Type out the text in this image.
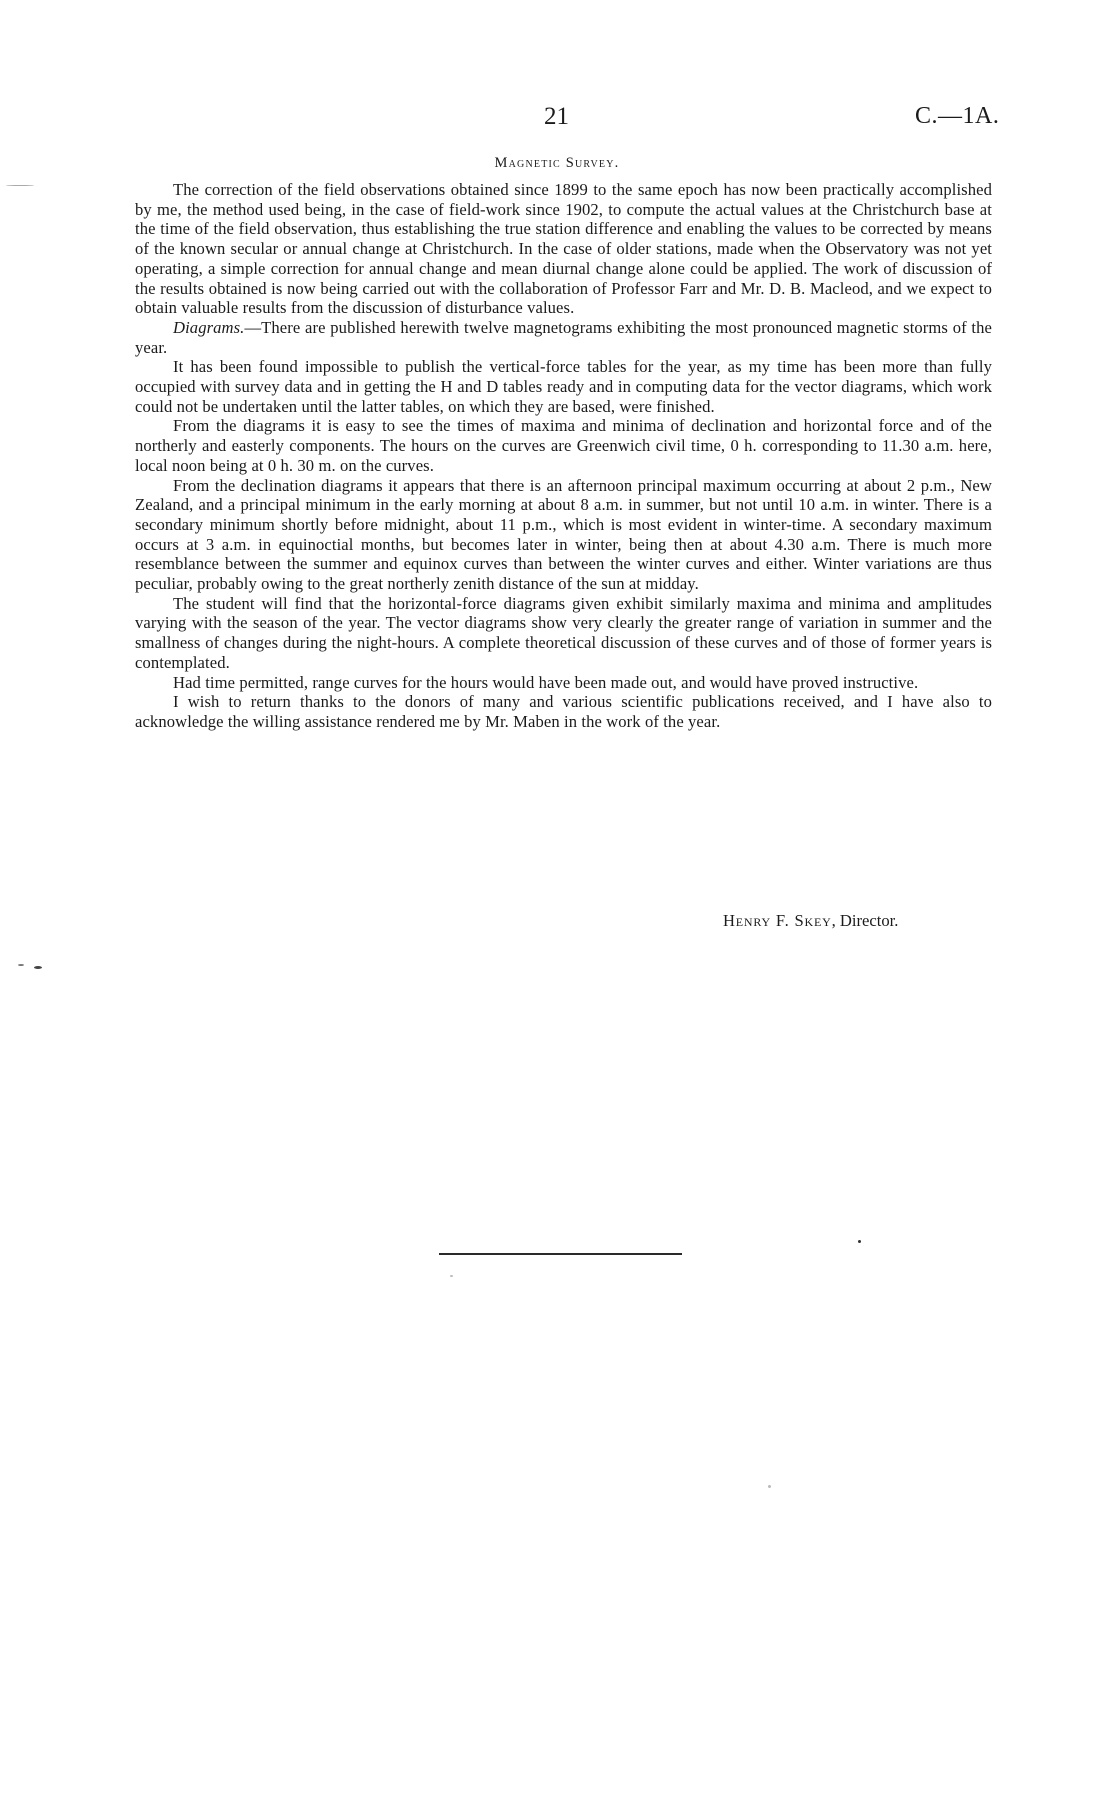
21	C.—1A.
Magnetic Survey.

The correction of the field observations obtained since 1899 to the same epoch has now been practically accomplished by me, the method used being, in the case of field-work since 1902, to compute the actual values at the Christchurch base at the time of the field observation, thus establishing the true station difference and enabling the values to be corrected by means of the known secular or annual change at Christchurch. In the case of older stations, made when the Observatory was not yet operating, a simple correction for annual change and mean diurnal change alone could be applied. The work of discussion of the results obtained is now being carried out with the collaboration of Professor Farr and Mr. D. B. Macleod, and we expect to obtain valuable results from the discussion of disturbance values.

Diagrams.—There are published herewith twelve magnetograms exhibiting the most pronounced magnetic storms of the year.

It has been found impossible to publish the vertical-force tables for the year, as my time has been more than fully occupied with survey data and in getting the H and D tables ready and in computing data for the vector diagrams, which work could not be undertaken until the latter tables, on which they are based, were finished.

From the diagrams it is easy to see the times of maxima and minima of declination and horizontal force and of the northerly and easterly components. The hours on the curves are Greenwich civil time, 0 h. corresponding to 11.30 a.m. here, local noon being at 0 h. 30 m. on the curves.

From the declination diagrams it appears that there is an afternoon principal maximum occurring at about 2 p.m., New Zealand, and a principal minimum in the early morning at about 8 a.m. in summer, but not until 10 a.m. in winter. There is a secondary minimum shortly before midnight, about 11 p.m., which is most evident in winter-time. A secondary maximum occurs at 3 a.m. in equinoctial months, but becomes later in winter, being then at about 4.30 a.m. There is much more resemblance between the summer and equinox curves than between the winter curves and either. Winter variations are thus peculiar, probably owing to the great northerly zenith distance of the sun at midday.

The student will find that the horizontal-force diagrams given exhibit similarly maxima and minima and amplitudes varying with the season of the year. The vector diagrams show very clearly the greater range of variation in summer and the smallness of changes during the night-hours. A complete theoretical discussion of these curves and of those of former years is contemplated.

Had time permitted, range curves for the hours would have been made out, and would have proved instructive.

I wish to return thanks to the donors of many and various scientific publications received, and I have also to acknowledge the willing assistance rendered me by Mr. Maben in the work of the year.

Henry F. Skey, Director.
